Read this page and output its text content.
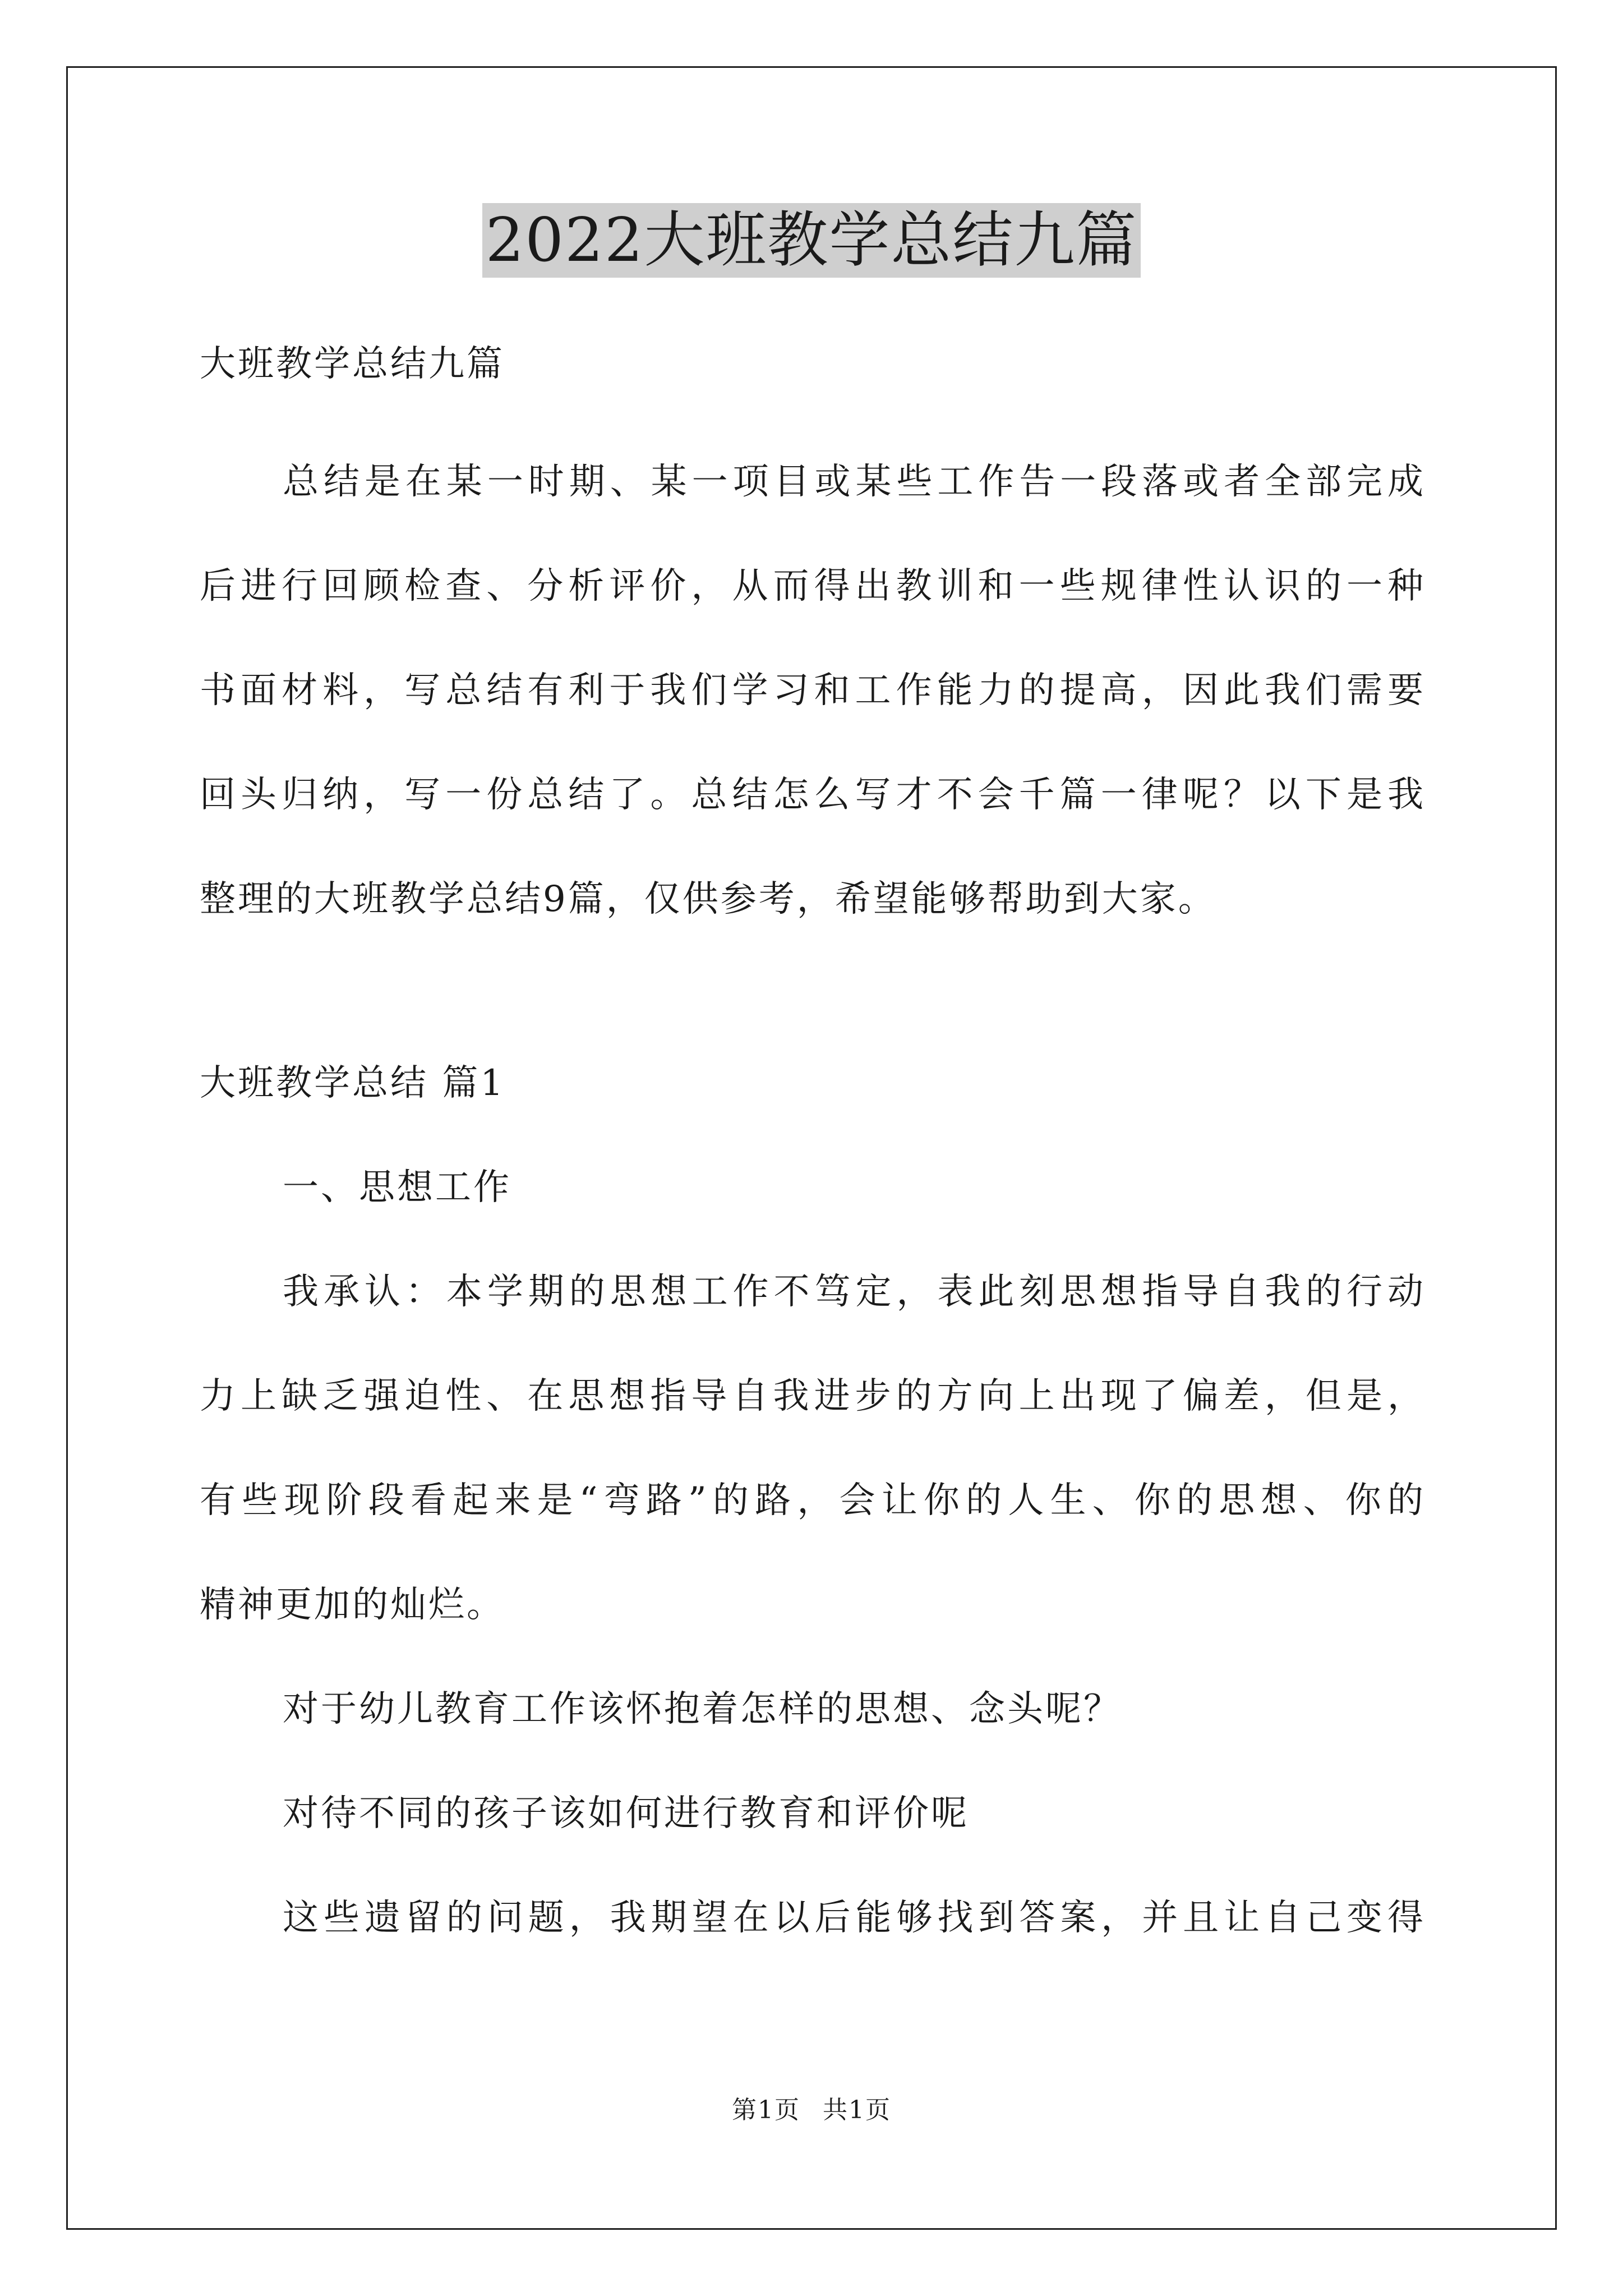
2022大班教学总结九篇
大班教学总结九篇
总结是在某一时期、某一项目或某些工作告一段落或者全部完成
后进行回顾检查、分析评价，从而得出教训和一些规律性认识的一种
书面材料，写总结有利于我们学习和工作能力的提高，因此我们需要
回头归纳，写一份总结了。总结怎么写才不会千篇一律呢？以下是我
整理的大班教学总结9篇，仅供参考，希望能够帮助到大家。
大班教学总结 篇1
一、思想工作
我承认：本学期的思想工作不笃定，表此刻思想指导自我的行动
力上缺乏强迫性、在思想指导自我进步的方向上出现了偏差，但是，
有些现阶段看起来是“弯路”的路，会让你的人生、你的思想、你的
精神更加的灿烂。
对于幼儿教育工作该怀抱着怎样的思想、念头呢？
对待不同的孩子该如何进行教育和评价呢
这些遗留的问题，我期望在以后能够找到答案，并且让自己变得
第1页 共1页
